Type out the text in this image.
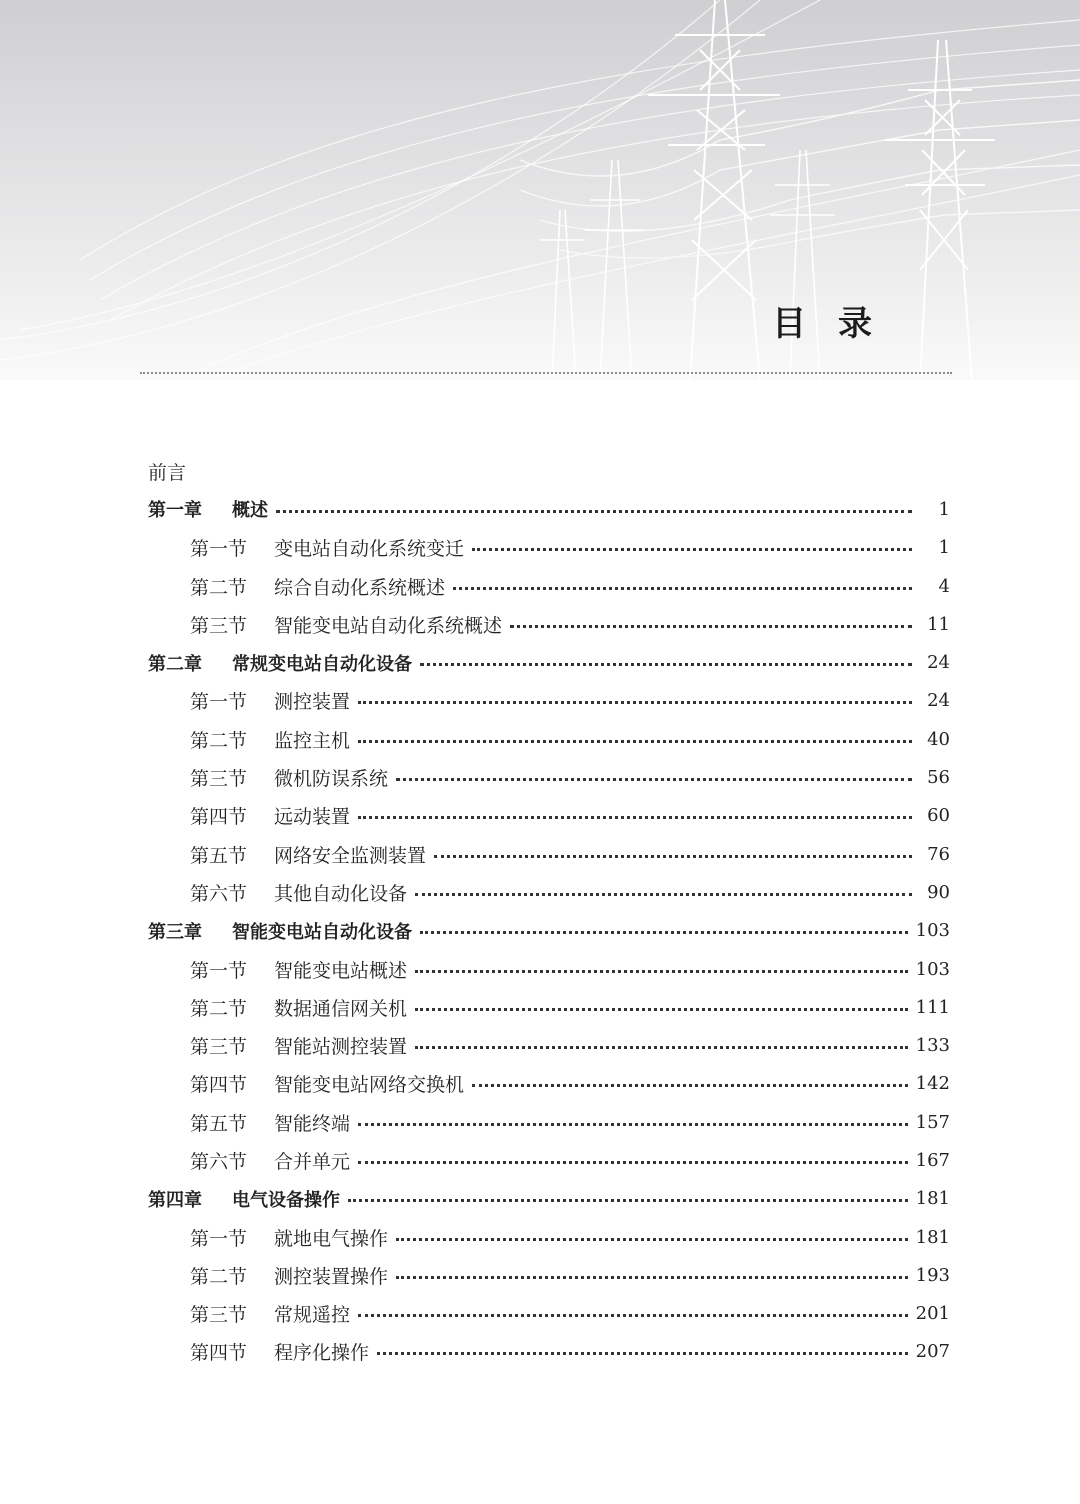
目 录
前言
第一章	概述	1
第一节 变电站自动化系统变迁	1
第二节 综合自动化系统概述	4
第三节 智能变电站自动化系统概述	11
第二章	常规变电站自动化设备	24
第一节 测控装置	24
第二节 监控主机	40
第三节 微机防误系统	56
第四节 远动装置	60
第五节 网络安全监测装置	76
第六节 其他自动化设备	90
第三章	智能变电站自动化设备	103
第一节 智能变电站概述	103
第二节 数据通信网关机	111
第三节 智能站测控装置	133
第四节 智能变电站网络交换机	142
第五节 智能终端	157
第六节 合并单元	167
第四章	电气设备操作	181
第一节 就地电气操作	181
第二节 测控装置操作	193
第三节 常规遥控	201
第四节 程序化操作	207
